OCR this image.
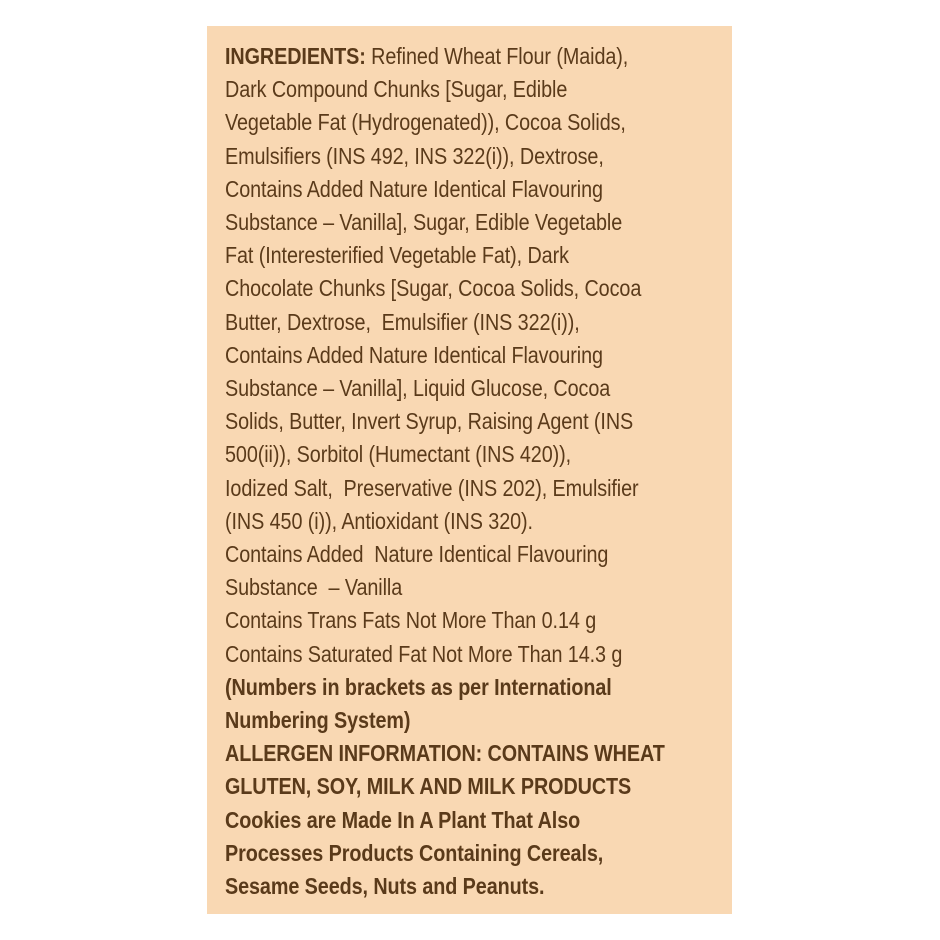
INGREDIENTS: Refined Wheat Flour (Maida),
Dark Compound Chunks [Sugar, Edible
Vegetable Fat (Hydrogenated)), Cocoa Solids,
Emulsifiers (INS 492, INS 322(i)), Dextrose,
Contains Added Nature Identical Flavouring
Substance – Vanilla], Sugar, Edible Vegetable
Fat (Interesterified Vegetable Fat), Dark
Chocolate Chunks [Sugar, Cocoa Solids, Cocoa
Butter, Dextrose,  Emulsifier (INS 322(i)),
Contains Added Nature Identical Flavouring
Substance – Vanilla], Liquid Glucose, Cocoa
Solids, Butter, Invert Syrup, Raising Agent (INS
500(ii)), Sorbitol (Humectant (INS 420)),
Iodized Salt,  Preservative (INS 202), Emulsifier
(INS 450 (i)), Antioxidant (INS 320).
Contains Added  Nature Identical Flavouring
Substance  – Vanilla
Contains Trans Fats Not More Than 0.14 g
Contains Saturated Fat Not More Than 14.3 g
(Numbers in brackets as per International
Numbering System)
ALLERGEN INFORMATION: CONTAINS WHEAT
GLUTEN, SOY, MILK AND MILK PRODUCTS
Cookies are Made In A Plant That Also
Processes Products Containing Cereals,
Sesame Seeds, Nuts and Peanuts.
